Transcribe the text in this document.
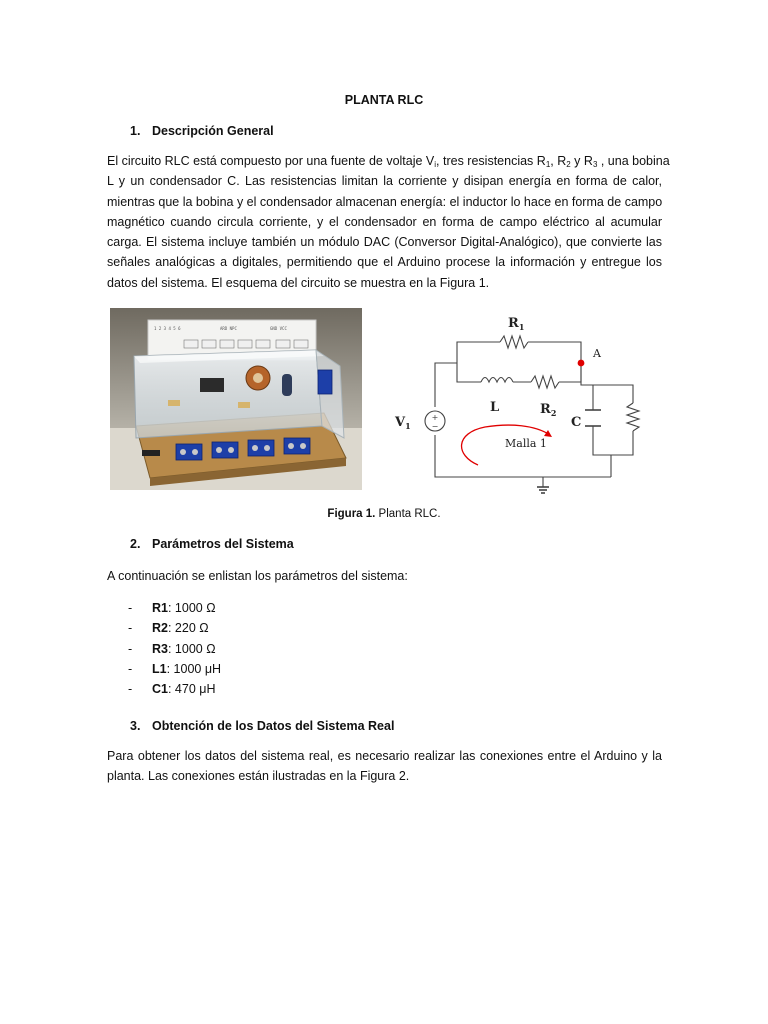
PLANTA RLC
1. Descripción General
El circuito RLC está compuesto por una fuente de voltaje $V_i$, tres resistencias $R_1$, $R_2$ y $R_3$ , una bobina
L y un condensador C. Las resistencias limitan la corriente y disipan energía en forma de calor,
mientras que la bobina y el condensador almacenan energía: el inductor lo hace en forma de campo
magnético cuando circula corriente, y el condensador en forma de campo eléctrico al acumular
carga. El sistema incluye también un módulo DAC (Conversor Digital-Analógico), que convierte las
señales analógicas a digitales, permitiendo que el Arduino procese la información y entregue los
datos del sistema. El esquema del circuito se muestra en la Figura 1.
1 2 3 4 5 6	ARD NPC	GND VCC
+
−
$R_1$
A
L	$R_2$
$V_1$	C
Malla 1
Figura 1. Planta RLC.
2. Parámetros del Sistema
A continuación se enlistan los parámetros del sistema:
- R1: 1000 Ω
- R2: 220 Ω
- R3: 1000 Ω
- L1: 1000 μH
- C1: 470 μH
3. Obtención de los Datos del Sistema Real
Para obtener los datos del sistema real, es necesario realizar las conexiones entre el Arduino y la
planta. Las conexiones están ilustradas en la Figura 2.
